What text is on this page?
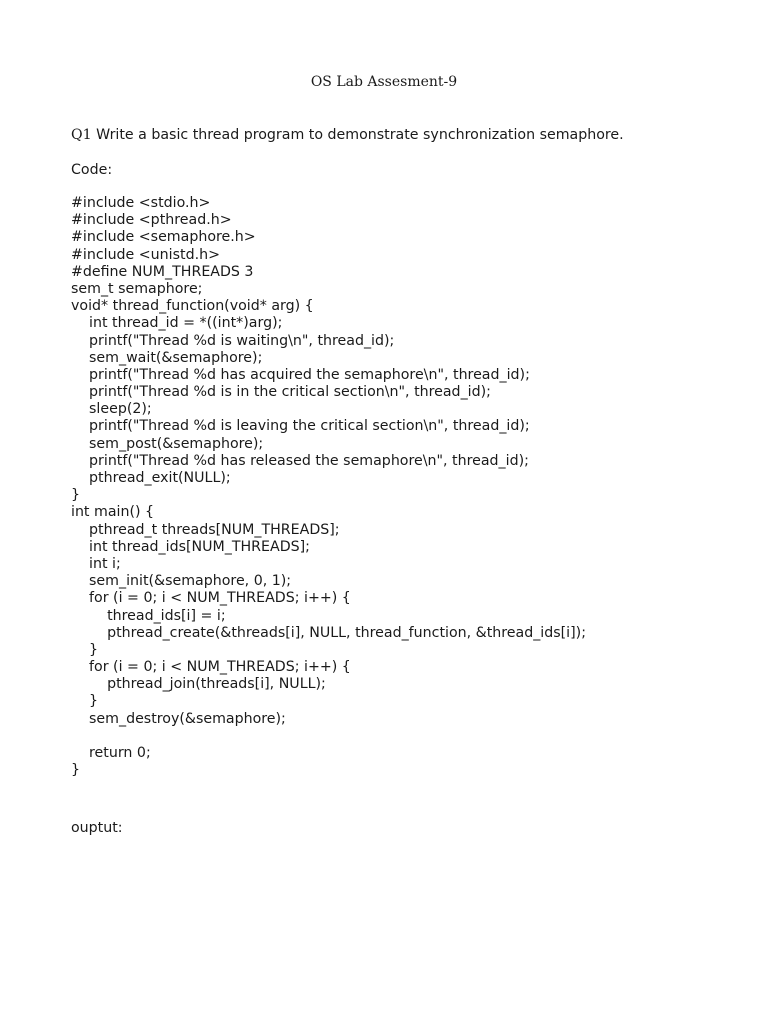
OS Lab Assesment-9
Q1 Write a basic thread program to demonstrate synchronization semaphore.
Code:
#include <stdio.h>
#include <pthread.h>
#include <semaphore.h>
#include <unistd.h>
#define NUM_THREADS 3
sem_t semaphore;
void* thread_function(void* arg) {
int thread_id = *((int*)arg);
printf("Thread %d is waiting\n", thread_id);
sem_wait(&semaphore);
printf("Thread %d has acquired the semaphore\n", thread_id);
printf("Thread %d is in the critical section\n", thread_id);
sleep(2);
printf("Thread %d is leaving the critical section\n", thread_id);
sem_post(&semaphore);
printf("Thread %d has released the semaphore\n", thread_id);
pthread_exit(NULL);
}
int main() {
pthread_t threads[NUM_THREADS];
int thread_ids[NUM_THREADS];
int i;
sem_init(&semaphore, 0, 1);
for (i = 0; i < NUM_THREADS; i++) {
thread_ids[i] = i;
pthread_create(&threads[i], NULL, thread_function, &thread_ids[i]);
}
for (i = 0; i < NUM_THREADS; i++) {
pthread_join(threads[i], NULL);
}
sem_destroy(&semaphore);
return 0;
}
ouptut:
